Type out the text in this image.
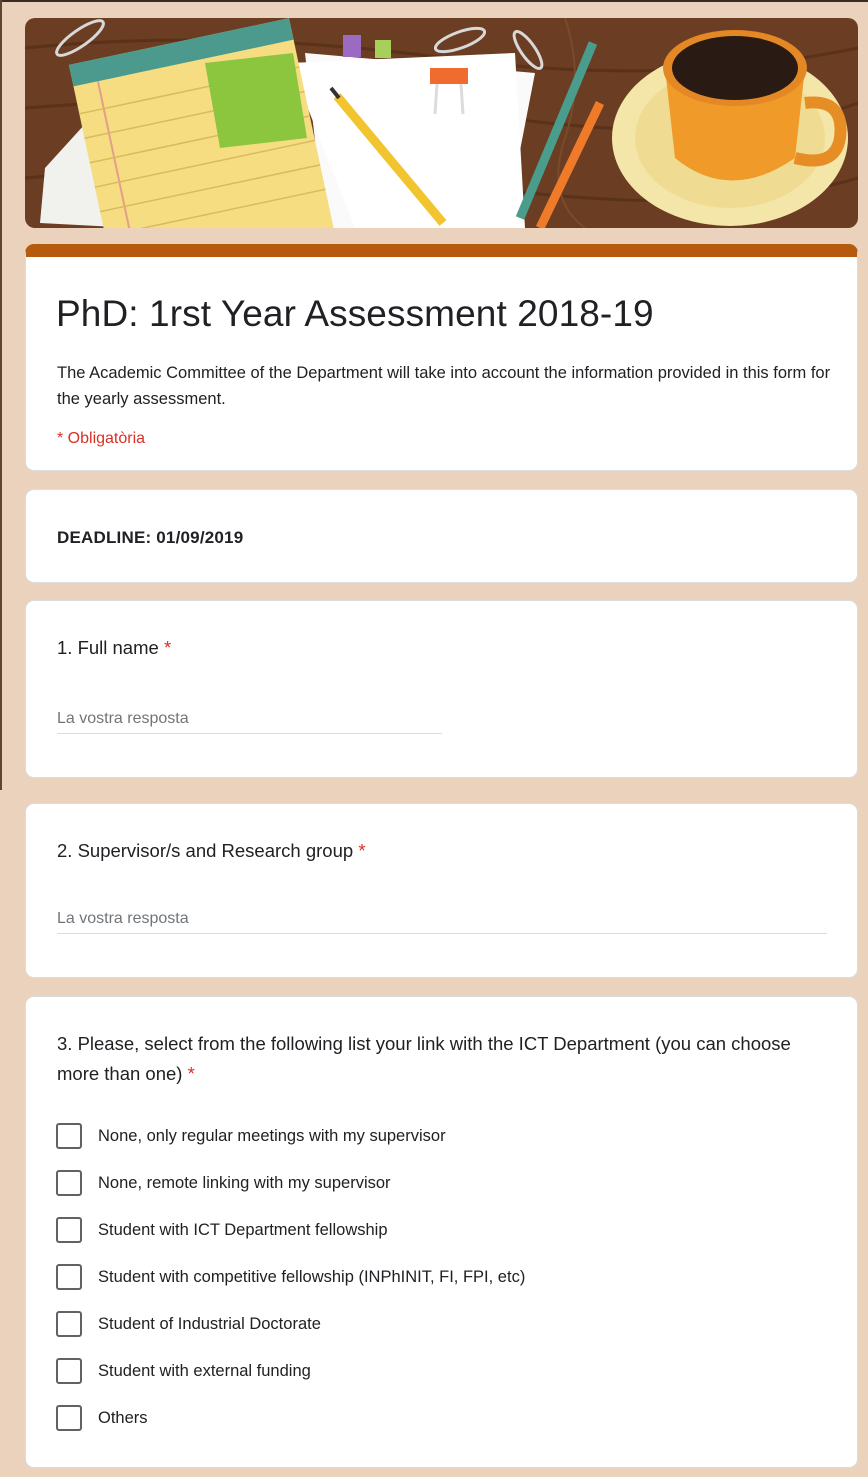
PhD: 1rst Year Assessment 2018-19
The Academic Committee of the Department will take into account the information provided in this form for the yearly assessment.
* Obligatòria
DEADLINE: 01/09/2019
1. Full name *
La vostra resposta
2. Supervisor/s and Research group *
La vostra resposta
3. Please, select from the following list your link with the ICT Department (you can choose more than one) *
None, only regular meetings with my supervisor
None, remote linking with my supervisor
Student with ICT Department fellowship
Student with competitive fellowship (INPhINIT, FI, FPI, etc)
Student of Industrial Doctorate
Student with external funding
Others
